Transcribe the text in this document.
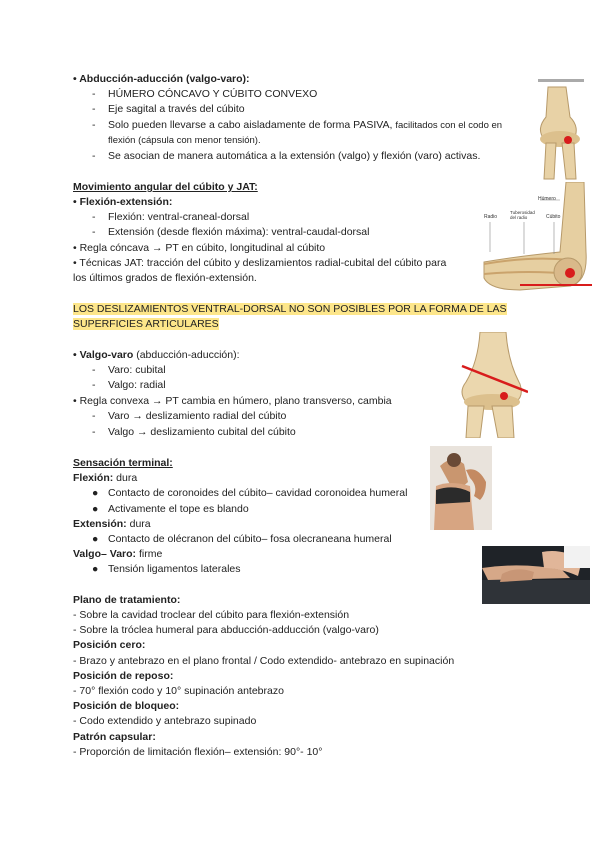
• Abducción-aducción (valgo-varo):
- HÚMERO CÓNCAVO Y CÚBITO CONVEXO
- Eje sagital a través del cúbito
- Solo pueden llevarse a cabo aisladamente de forma PASIVA, facilitados con el codo en
flexión (cápsula con menor tensión).
- Se asocian de manera automática a la extensión (valgo) y flexión (varo) activas.
Movimiento angular del cúbito y JAT:
• Flexión-extensión:
- Flexión: ventral-craneal-dorsal
- Extensión (desde flexión máxima): ventral-caudal-dorsal
• Regla cóncava → PT en cúbito, longitudinal al cúbito
• Técnicas JAT: tracción del cúbito y deslizamientos radial-cubital del cúbito para
los últimos grados de flexión-extensión.
LOS DESLIZAMIENTOS VENTRAL-DORSAL NO SON POSIBLES POR LA FORMA DE LAS
SUPERFICIES ARTICULARES
• Valgo-varo (abducción-aducción):
- Varo: cubital
- Valgo: radial
• Regla convexa → PT cambia en húmero, plano transverso, cambia
- Varo → deslizamiento radial del cúbito
- Valgo → deslizamiento cubital del cúbito
Sensación terminal:
Flexión: dura
● Contacto de coronoides del cúbito– cavidad coronoidea humeral
● Activamente el tope es blando
Extensión: dura
● Contacto de olécranon del cúbito– fosa olecraneana humeral
Valgo– Varo: firme
● Tensión ligamentos laterales
Plano de tratamiento:
- Sobre la cavidad troclear del cúbito para flexión-extensión
- Sobre la tróclea humeral para abducción-adducción (valgo-varo)
Posición cero:
- Brazo y antebrazo en el plano frontal / Codo extendido- antebrazo en supinación
Posición de reposo:
- 70° flexión codo y 10° supinación antebrazo
Posición de bloqueo:
- Codo extendido y antebrazo supinado
Patrón capsular:
- Proporción de limitación flexión– extensión: 90°- 10°
Húmero
Radio
Tuberosidad del radio	Cúbito
